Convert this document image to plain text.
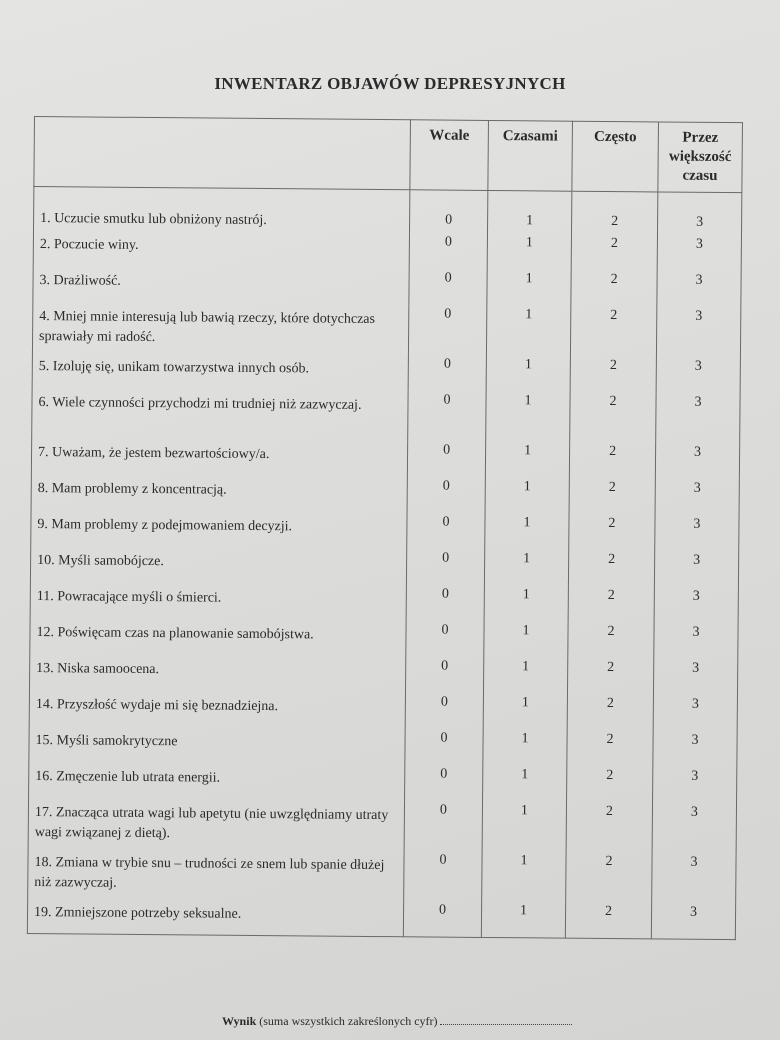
INWENTARZ OBJAWÓW DEPRESYJNYCH
	Wcale	Czasami	Często	Przez większość czasu
1. Uczucie smutku lub obniżony nastrój.	0	1	2	3
2. Poczucie winy.	0	1	2	3
3. Drażliwość.	0	1	2	3
4. Mniej mnie interesują lub bawią rzeczy, które dotychczas sprawiały mi radość.	0	1	2	3
5. Izoluję się, unikam towarzystwa innych osób.	0	1	2	3
6. Wiele czynności przychodzi mi trudniej niż zazwyczaj.	0	1	2	3
7. Uważam, że jestem bezwartościowy/a.	0	1	2	3
8. Mam problemy z koncentracją.	0	1	2	3
9. Mam problemy z podejmowaniem decyzji.	0	1	2	3
10. Myśli samobójcze.	0	1	2	3
11. Powracające myśli o śmierci.	0	1	2	3
12. Poświęcam czas na planowanie samobójstwa.	0	1	2	3
13. Niska samoocena.	0	1	2	3
14. Przyszłość wydaje mi się beznadziejna.	0	1	2	3
15. Myśli samokrytyczne	0	1	2	3
16. Zmęczenie lub utrata energii.	0	1	2	3
17. Znacząca utrata wagi lub apetytu (nie uwzględniamy utraty wagi związanej z dietą).	0	1	2	3
18. Zmiana w trybie snu – trudności ze snem lub spanie dłużej niż zazwyczaj.	0	1	2	3
19. Zmniejszone potrzeby seksualne.	0	1	2	3
Wynik (suma wszystkich zakreślonych cyfr)
